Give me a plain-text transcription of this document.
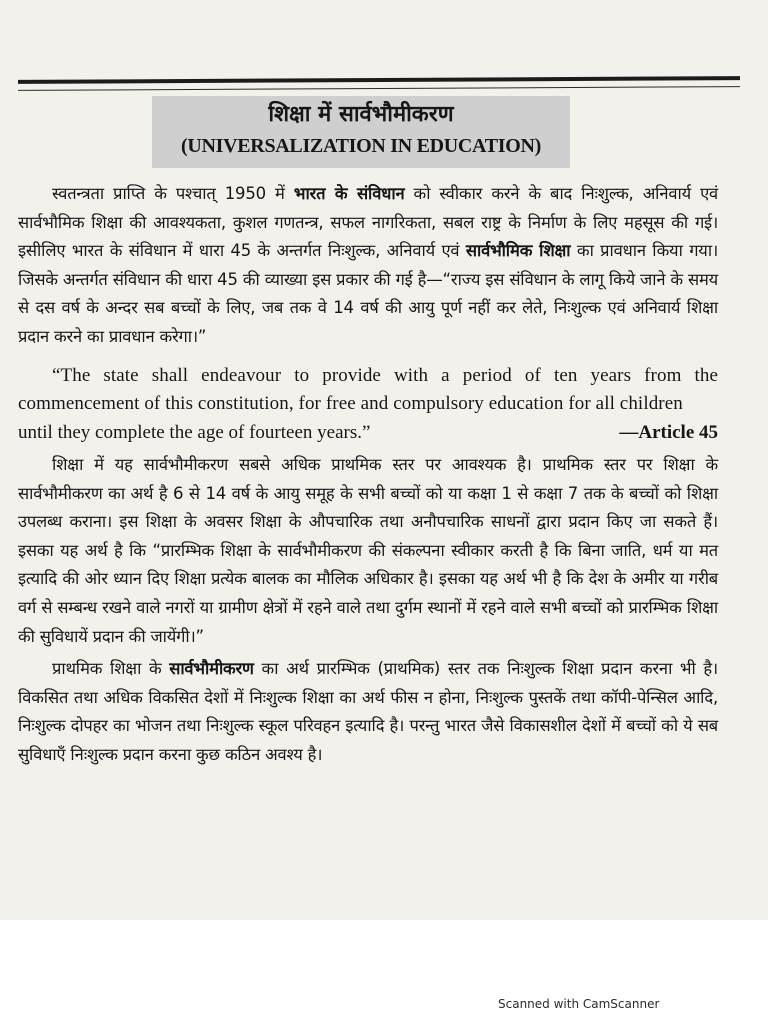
शिक्षा में सार्वभौमीकरण
(UNIVERSALIZATION IN EDUCATION)

स्वतन्त्रता प्राप्ति के पश्चात् 1950 में भारत के संविधान को स्वीकार करने के बाद निःशुल्क, अनिवार्य एवं सार्वभौमिक शिक्षा की आवश्यकता, कुशल गणतन्त्र, सफल नागरिकता, सबल राष्ट्र के निर्माण के लिए महसूस की गई। इसीलिए भारत के संविधान में धारा 45 के अन्तर्गत निःशुल्क, अनिवार्य एवं सार्वभौमिक शिक्षा का प्रावधान किया गया। जिसके अन्तर्गत संविधान की धारा 45 की व्याख्या इस प्रकार की गई है—“राज्य इस संविधान के लागू किये जाने के समय से दस वर्ष के अन्दर सब बच्चों के लिए, जब तक वे 14 वर्ष की आयु पूर्ण नहीं कर लेते, निःशुल्क एवं अनिवार्य शिक्षा प्रदान करने का प्रावधान करेगा।”

“The state shall endeavour to provide with a period of ten years from the commencement of this constitution, for free and compulsory education for all children

until they complete the age of fourteen years.”	—Article 45

शिक्षा में यह सार्वभौमीकरण सबसे अधिक प्राथमिक स्तर पर आवश्यक है। प्राथमिक स्तर पर शिक्षा के सार्वभौमीकरण का अर्थ है 6 से 14 वर्ष के आयु समूह के सभी बच्चों को या कक्षा 1 से कक्षा 7 तक के बच्चों को शिक्षा उपलब्ध कराना। इस शिक्षा के अवसर शिक्षा के औपचारिक तथा अनौपचारिक साधनों द्वारा प्रदान किए जा सकते हैं। इसका यह अर्थ है कि “प्रारम्भिक शिक्षा के सार्वभौमीकरण की संकल्पना स्वीकार करती है कि बिना जाति, धर्म या मत इत्यादि की ओर ध्यान दिए शिक्षा प्रत्येक बालक का मौलिक अधिकार है। इसका यह अर्थ भी है कि देश के अमीर या गरीब वर्ग से सम्बन्ध रखने वाले नगरों या ग्रामीण क्षेत्रों में रहने वाले तथा दुर्गम स्थानों में रहने वाले सभी बच्चों को प्रारम्भिक शिक्षा की सुविधायें प्रदान की जायेंगी।”

प्राथमिक शिक्षा के सार्वभौमीकरण का अर्थ प्रारम्भिक (प्राथमिक) स्तर तक निःशुल्क शिक्षा प्रदान करना भी है। विकसित तथा अधिक विकसित देशों में निःशुल्क शिक्षा का अर्थ फीस न होना, निःशुल्क पुस्तकें तथा कॉपी-पेन्सिल आदि, निःशुल्क दोपहर का भोजन तथा निःशुल्क स्कूल परिवहन इत्यादि है। परन्तु भारत जैसे विकासशील देशों में बच्चों को ये सब सुविधाएँ निःशुल्क प्रदान करना कुछ कठिन अवश्य है।

Scanned with CamScanner
